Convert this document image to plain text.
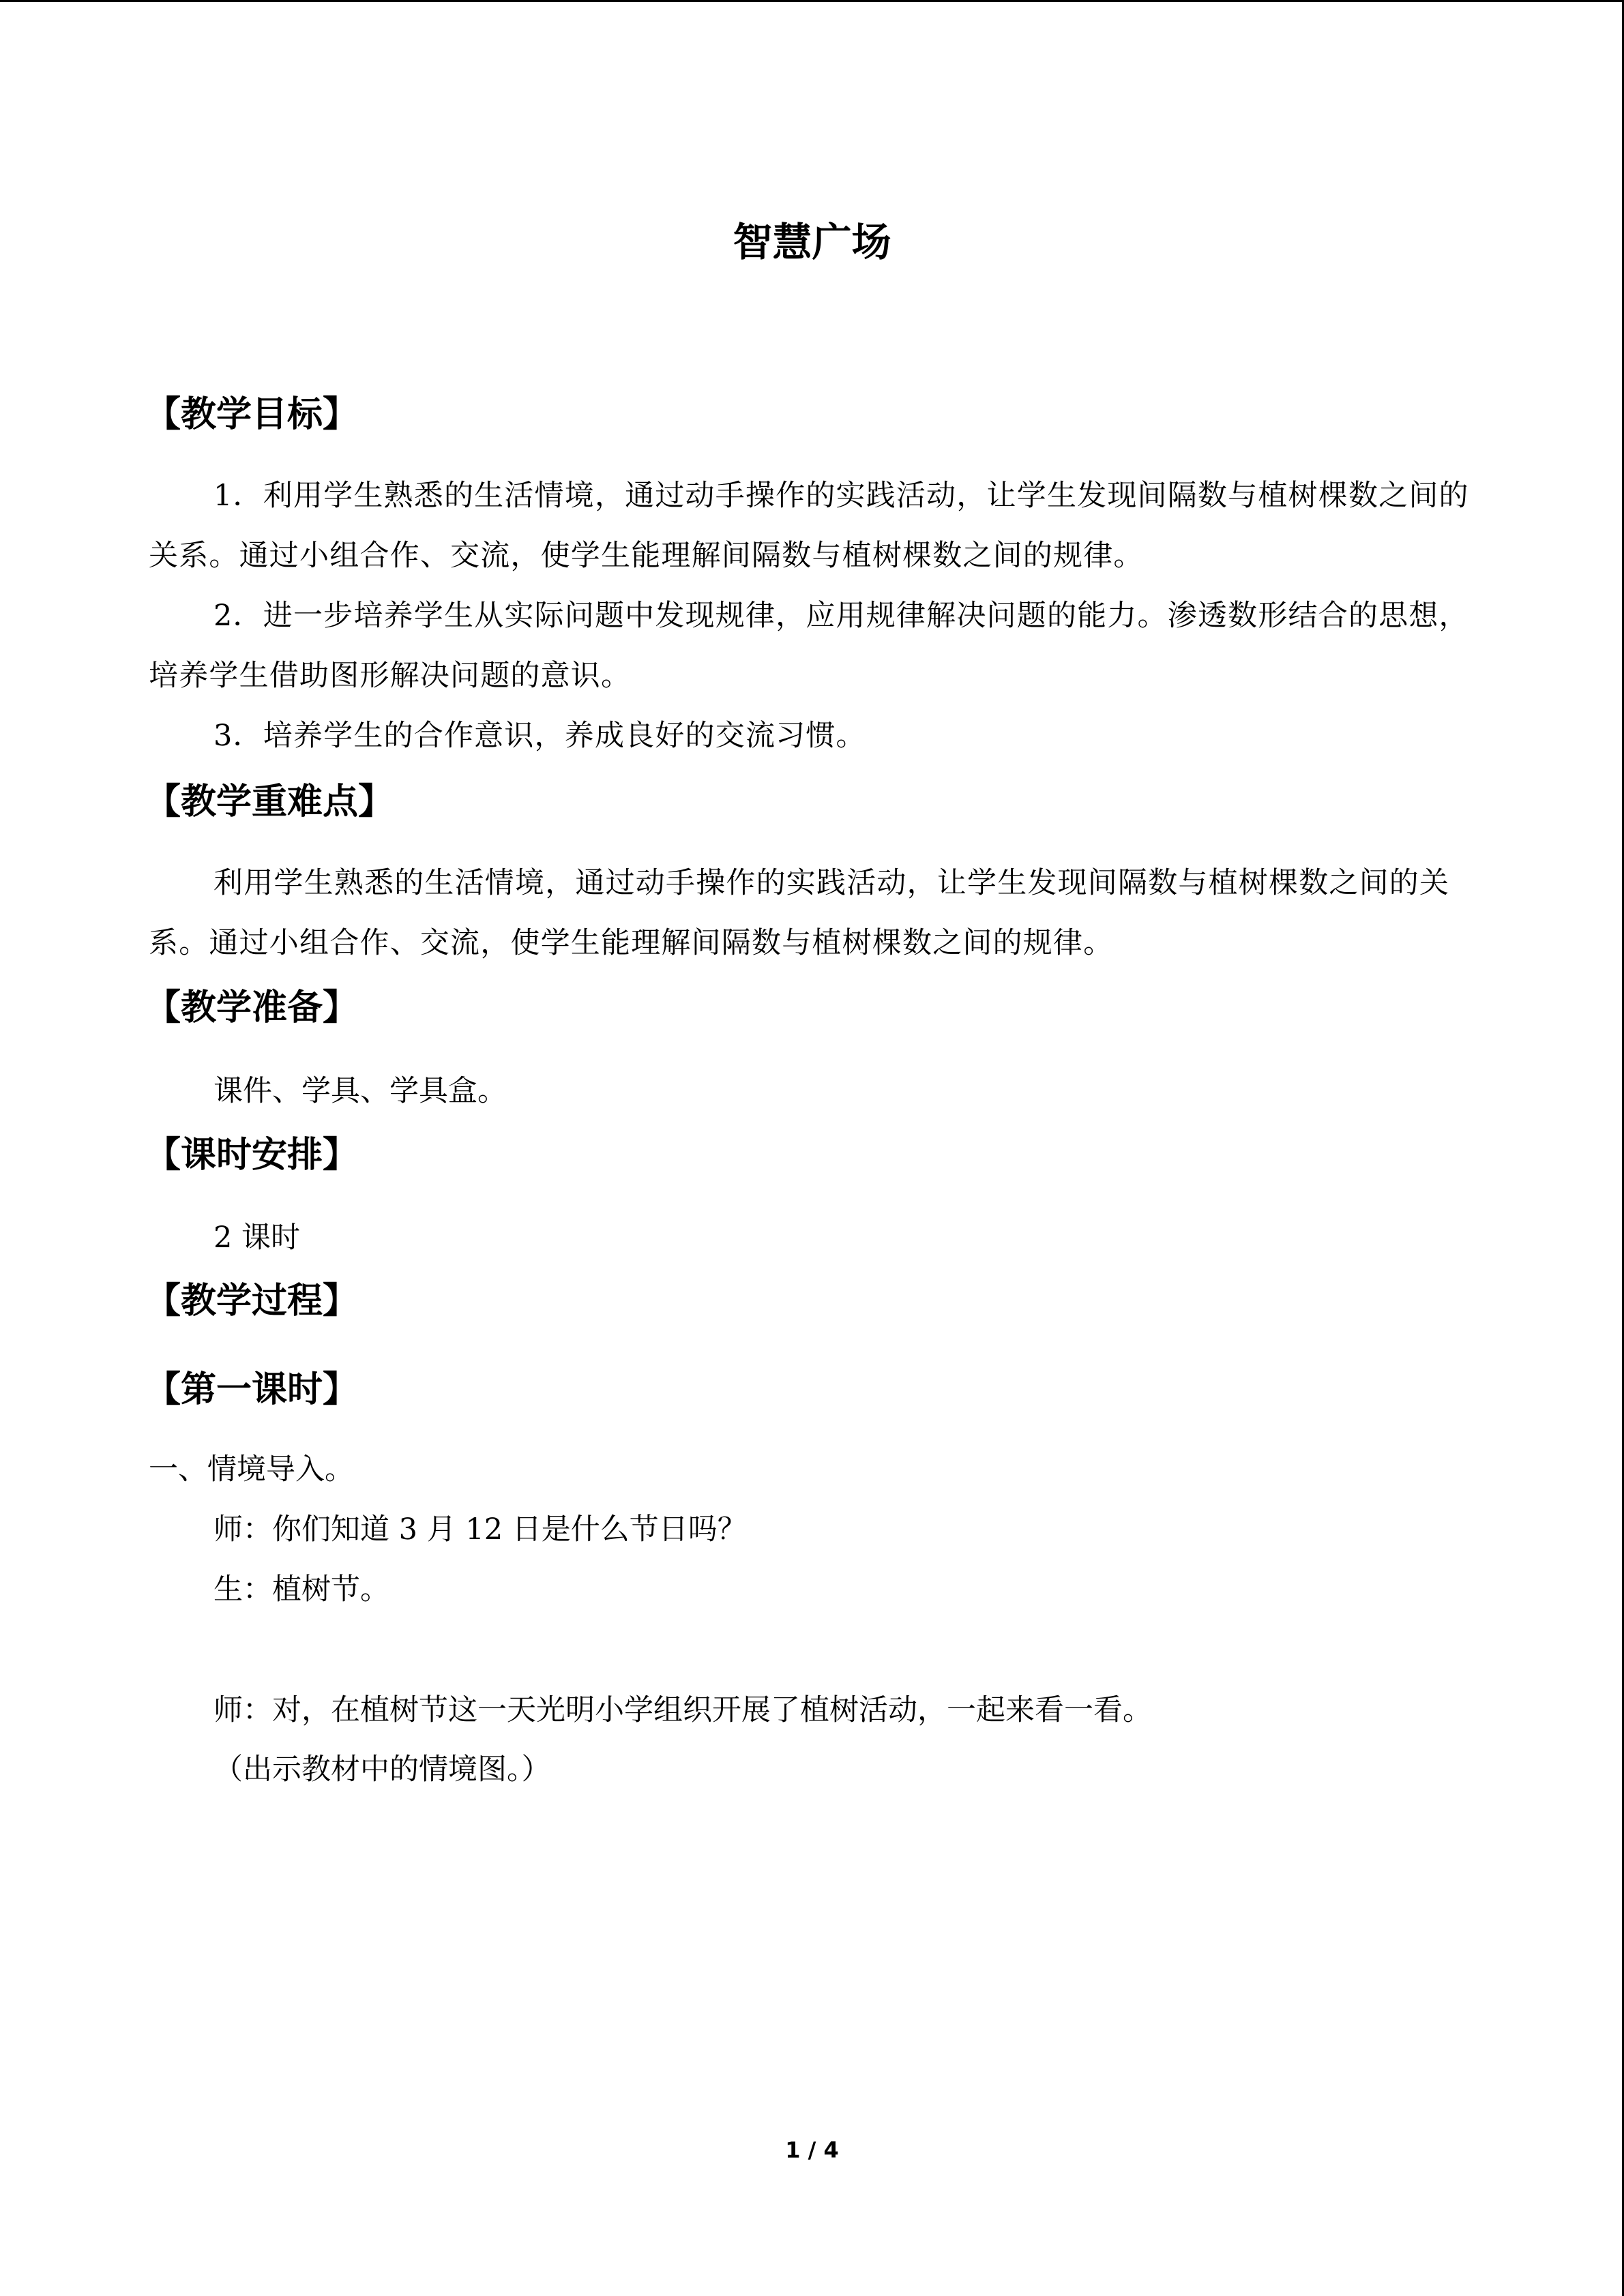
智慧广场
【教学目标】
1．利用学生熟悉的生活情境，通过动手操作的实践活动，让学生发现间隔数与植树棵数之间的关系。通过小组合作、交流，使学生能理解间隔数与植树棵数之间的规律。
2．进一步培养学生从实际问题中发现规律，应用规律解决问题的能力。渗透数形结合的思想，培养学生借助图形解决问题的意识。
3．培养学生的合作意识，养成良好的交流习惯。
【教学重难点】
利用学生熟悉的生活情境，通过动手操作的实践活动，让学生发现间隔数与植树棵数之间的关系。通过小组合作、交流，使学生能理解间隔数与植树棵数之间的规律。
【教学准备】
课件、学具、学具盒。
【课时安排】
2 课时
【教学过程】
【第一课时】
一、情境导入。
师：你们知道 3 月 12 日是什么节日吗？
生：植树节。
师：对，在植树节这一天光明小学组织开展了植树活动，一起来看一看。
（出示教材中的情境图。）
1 / 4
